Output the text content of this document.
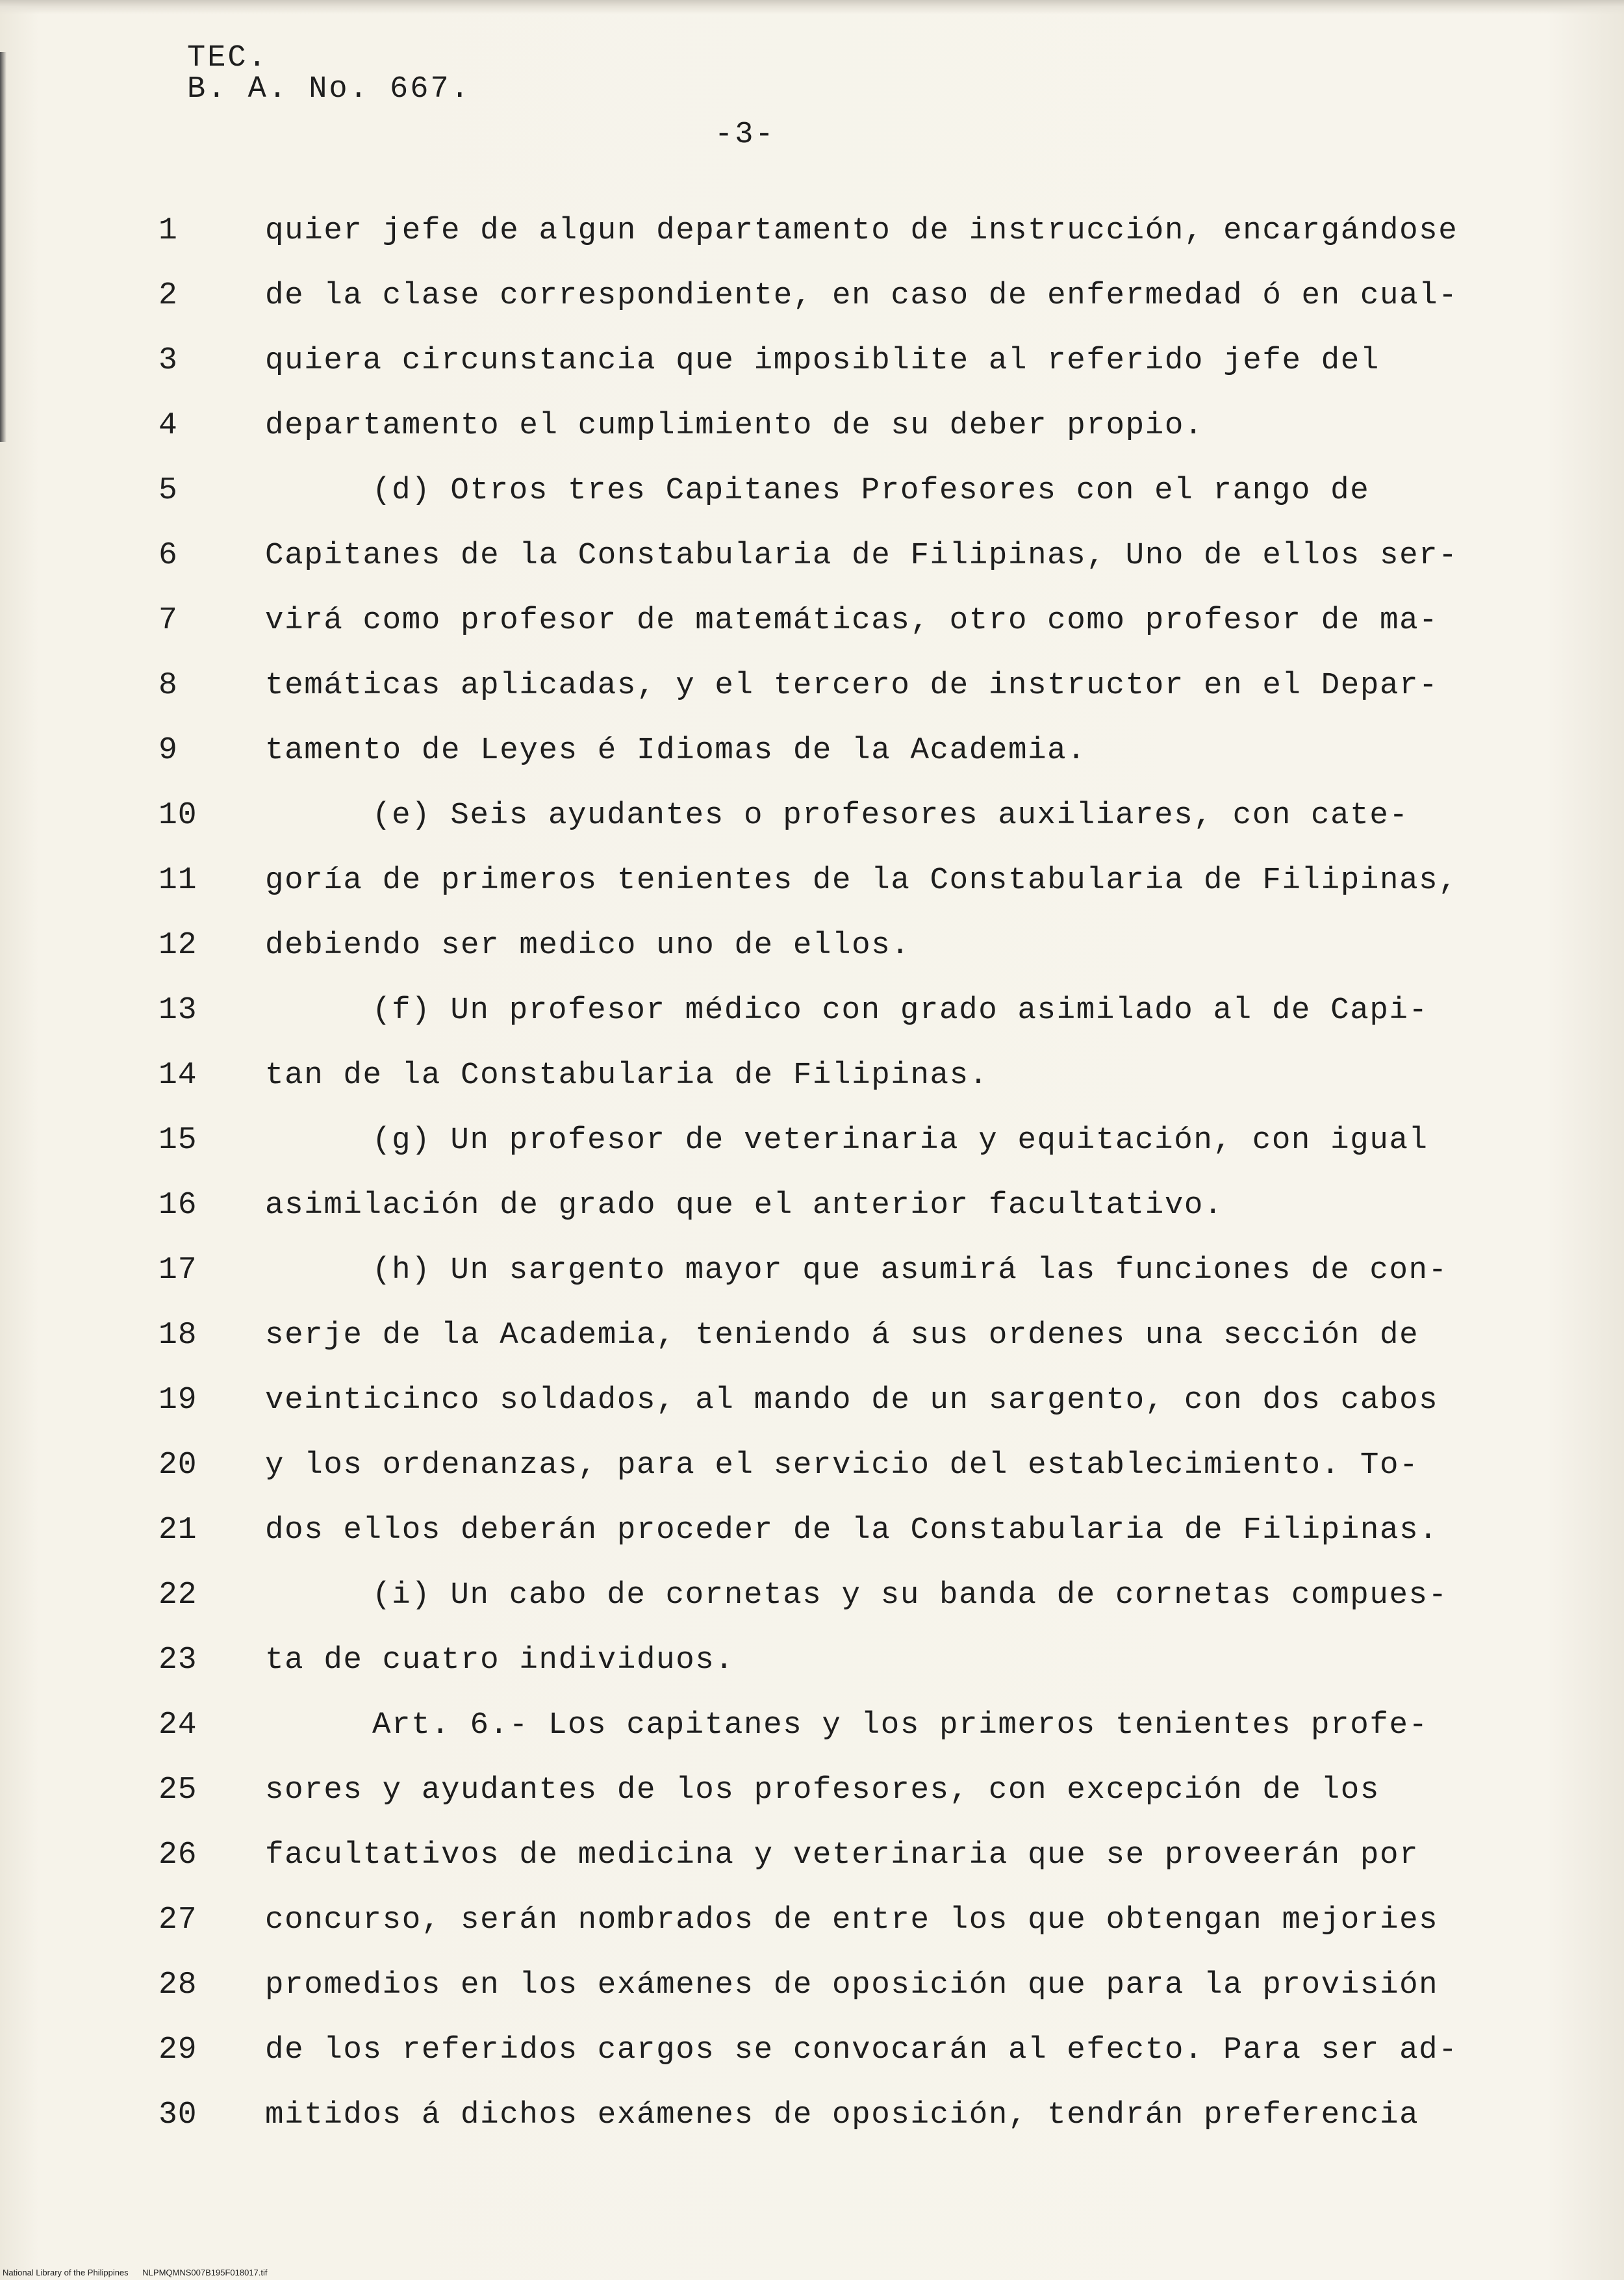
TEC.
B. A. No. 667.
-3-
1	quier jefe de algun departamento de instrucción, encargándose
2	de la clase correspondiente, en caso de enfermedad ó en cual-
3	quiera circunstancia que imposiblite al referido jefe del
4	departamento el cumplimiento de su deber propio.
5	(d) Otros tres Capitanes Profesores con el rango de
6	Capitanes de la Constabularia de Filipinas, Uno de ellos ser-
7	virá como profesor de matemáticas, otro como profesor de ma-
8	temáticas aplicadas, y el tercero de instructor en el Depar-
9	tamento de Leyes é Idiomas de la Academia.
10	(e) Seis ayudantes o profesores auxiliares, con cate-
11	goría de primeros tenientes de la Constabularia de Filipinas,
12	debiendo ser medico uno de ellos.
13	(f) Un profesor médico con grado asimilado al de Capi-
14	tan de la Constabularia de Filipinas.
15	(g) Un profesor de veterinaria y equitación, con igual
16	asimilación de grado que el anterior facultativo.
17	(h) Un sargento mayor que asumirá las funciones de con-
18	serje de la Academia, teniendo á sus ordenes una sección de
19	veinticinco soldados, al mando de un sargento, con dos cabos
20	y los ordenanzas, para el servicio del establecimiento. To-
21	dos ellos deberán proceder de la Constabularia de Filipinas.
22	(i) Un cabo de cornetas y su banda de cornetas compues-
23	ta de cuatro individuos.
24	Art. 6.- Los capitanes y los primeros tenientes profe-
25	sores y ayudantes de los profesores, con excepción de los
26	facultativos de medicina y veterinaria que se proveerán por
27	concurso, serán nombrados de entre los que obtengan mejories
28	promedios en los exámenes de oposición que para la provisión
29	de los referidos cargos se convocarán al efecto. Para ser ad-
30	mitidos á dichos exámenes de oposición, tendrán preferencia
National Library of the Philippines NLPMQMNS007B195F018017.tif
